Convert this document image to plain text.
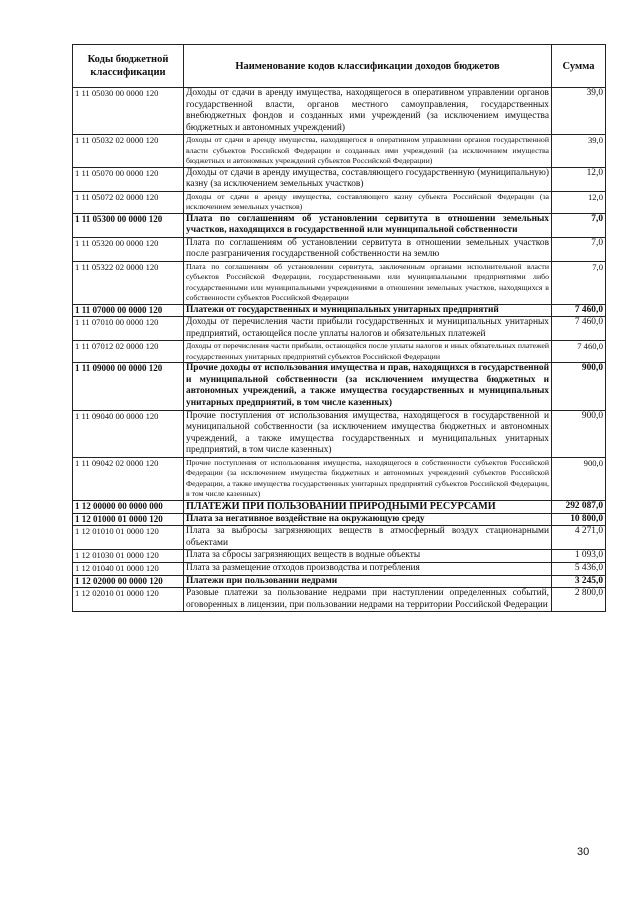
Коды бюджетной классификации	Наименование кодов классификации доходов бюджетов	Сумма
1 11 05030 00 0000 120	Доходы от сдачи в аренду имущества, находящегося в оперативном управлении органов государственной власти, органов местного самоуправления, государственных внебюджетных фондов и созданных ими учреждений (за исключением имущества бюджетных и автономных учреждений)	39,0
1 11 05032 02 0000 120	Доходы от сдачи в аренду имущества, находящегося в оперативном управлении органов государственной власти субъектов Российской Федерации и созданных ими учреждений (за исключением имущества бюджетных и автономных учреждений субъектов Российской Федерации)	39,0
1 11 05070 00 0000 120	Доходы от сдачи в аренду имущества, составляющего государственную (муниципальную) казну (за исключением земельных участков)	12,0
1 11 05072 02 0000 120	Доходы от сдачи в аренду имущества, составляющего казну субъекта Российской Федерации (за исключением земельных участков)	12,0
1 11 05300 00 0000 120	Плата по соглашениям об установлении сервитута в отношении земельных участков, находящихся в государственной или муниципальной собственности	7,0
1 11 05320 00 0000 120	Плата по соглашениям об установлении сервитута в отношении земельных участков после разграничения государственной собственности на землю	7,0
1 11 05322 02 0000 120	Плата по соглашениям об установлении сервитута, заключенным органами исполнительной власти субъектов Российской Федерации, государственными или муниципальными предприятиями либо государственными или муниципальными учреждениями в отношении земельных участков, находящихся в собственности субъектов Российской Федерации	7,0
1 11 07000 00 0000 120	Платежи от государственных и муниципальных унитарных предприятий	7 460,0
1 11 07010 00 0000 120	Доходы от перечисления части прибыли государственных и муниципальных унитарных предприятий, остающейся после уплаты налогов и обязательных платежей	7 460,0
1 11 07012 02 0000 120	Доходы от перечисления части прибыли, остающейся после уплаты налогов и иных обязательных платежей государственных унитарных предприятий субъектов Российской Федерации	7 460,0
1 11 09000 00 0000 120	Прочие доходы от использования имущества и прав, находящихся в государственной и муниципальной собственности (за исключением имущества бюджетных и автономных учреждений, а также имущества государственных и муниципальных унитарных предприятий, в том числе казенных)	900,0
1 11 09040 00 0000 120	Прочие поступления от использования имущества, находящегося в государственной и муниципальной собственности (за исключением имущества бюджетных и автономных учреждений, а также имущества государственных и муниципальных унитарных предприятий, в том числе казенных)	900,0
1 11 09042 02 0000 120	Прочие поступления от использования имущества, находящегося в собственности субъектов Российской Федерации (за исключением имущества бюджетных и автономных учреждений субъектов Российской Федерации, а также имущества государственных унитарных предприятий субъектов Российской Федерации, в том числе казенных)	900,0
1 12 00000 00 0000 000	ПЛАТЕЖИ ПРИ ПОЛЬЗОВАНИИ ПРИРОДНЫМИ РЕСУРСАМИ	292 087,0
1 12 01000 01 0000 120	Плата за негативное воздействие на окружающую среду	10 800,0
1 12 01010 01 0000 120	Плата за выбросы загрязняющих веществ в атмосферный воздух стационарными объектами	4 271,0
1 12 01030 01 0000 120	Плата за сбросы загрязняющих веществ в водные объекты	1 093,0
1 12 01040 01 0000 120	Плата за размещение отходов производства и потребления	5 436,0
1 12 02000 00 0000 120	Платежи при пользовании недрами	3 245,0
1 12 02010 01 0000 120	Разовые платежи за пользование недрами при наступлении определенных событий, оговоренных в лицензии, при пользовании недрами на территории Российской Федерации	2 800,0
30
